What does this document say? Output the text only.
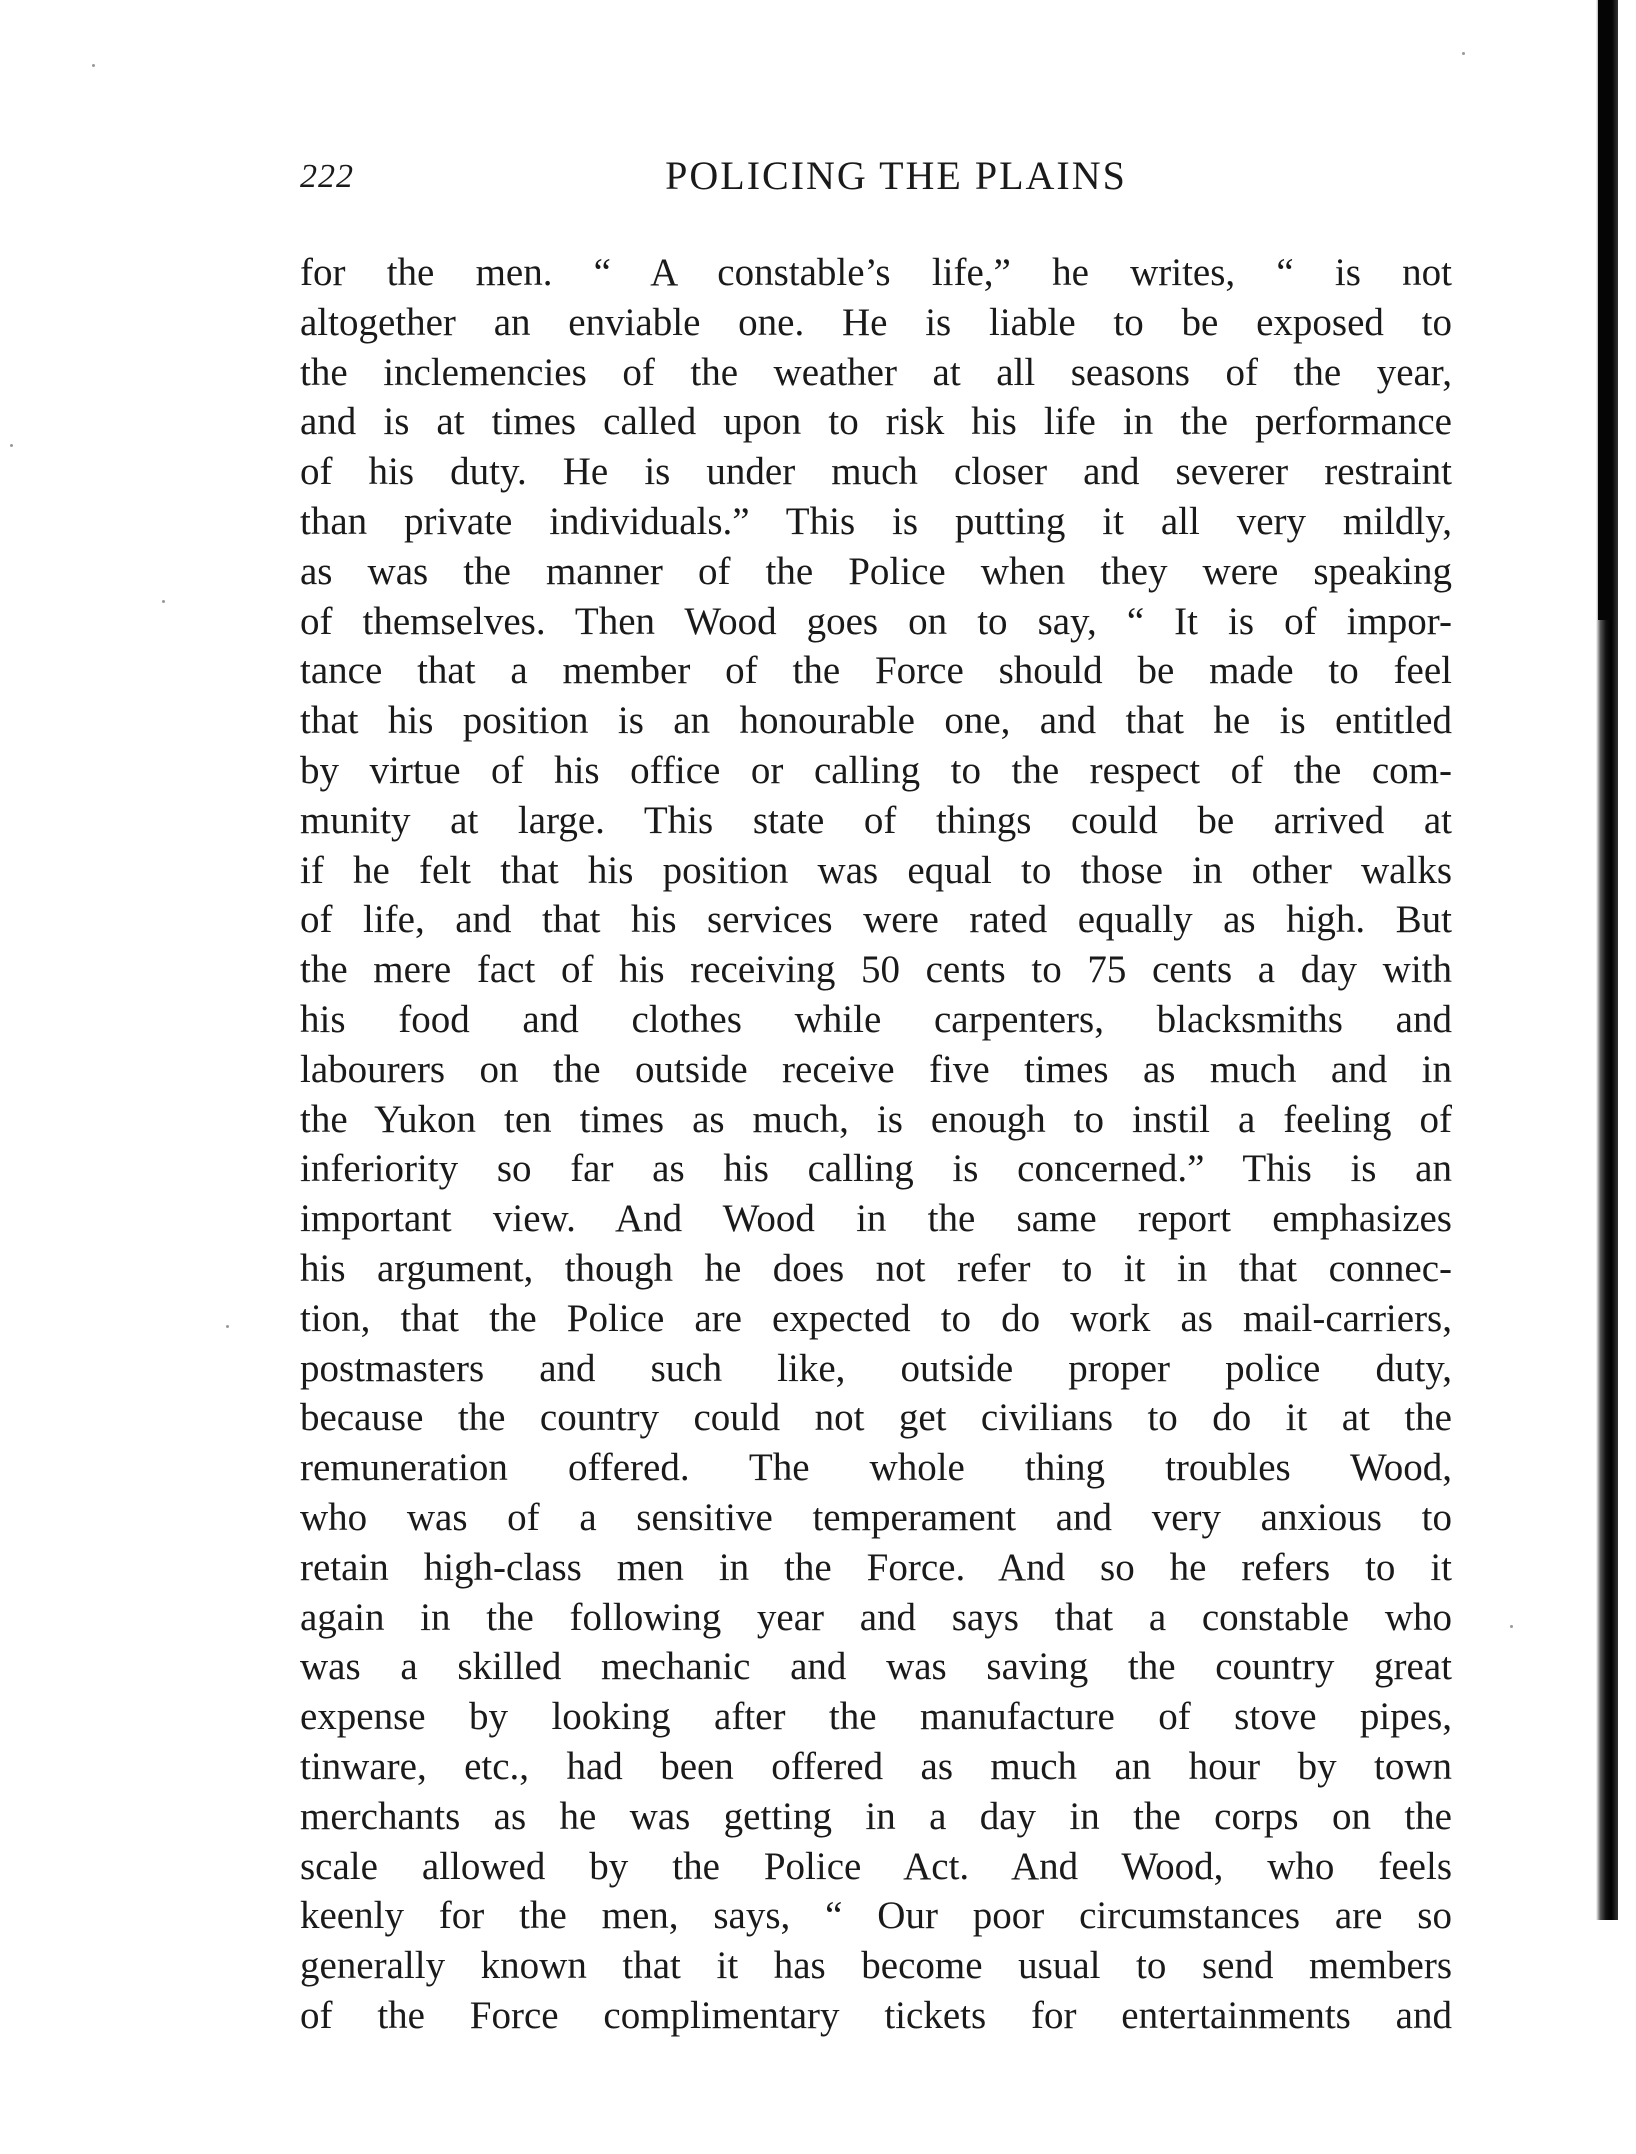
222	POLICING THE PLAINS
for the men. “ A constable’s life,” he writes, “ is not
altogether an enviable one. He is liable to be exposed to
the inclemencies of the weather at all seasons of the year,
and is at times called upon to risk his life in the performance
of his duty. He is under much closer and severer restraint
than private individuals.” This is putting it all very mildly,
as was the manner of the Police when they were speaking
of themselves. Then Wood goes on to say, “ It is of impor-
tance that a member of the Force should be made to feel
that his position is an honourable one, and that he is entitled
by virtue of his office or calling to the respect of the com-
munity at large. This state of things could be arrived at
if he felt that his position was equal to those in other walks
of life, and that his services were rated equally as high. But
the mere fact of his receiving 50 cents to 75 cents a day with
his food and clothes while carpenters, blacksmiths and
labourers on the outside receive five times as much and in
the Yukon ten times as much, is enough to instil a feeling of
inferiority so far as his calling is concerned.” This is an
important view. And Wood in the same report emphasizes
his argument, though he does not refer to it in that connec-
tion, that the Police are expected to do work as mail-carriers,
postmasters and such like, outside proper police duty,
because the country could not get civilians to do it at the
remuneration offered. The whole thing troubles Wood,
who was of a sensitive temperament and very anxious to
retain high-class men in the Force. And so he refers to it
again in the following year and says that a constable who
was a skilled mechanic and was saving the country great
expense by looking after the manufacture of stove pipes,
tinware, etc., had been offered as much an hour by town
merchants as he was getting in a day in the corps on the
scale allowed by the Police Act. And Wood, who feels
keenly for the men, says, “ Our poor circumstances are so
generally known that it has become usual to send members
of the Force complimentary tickets for entertainments and
